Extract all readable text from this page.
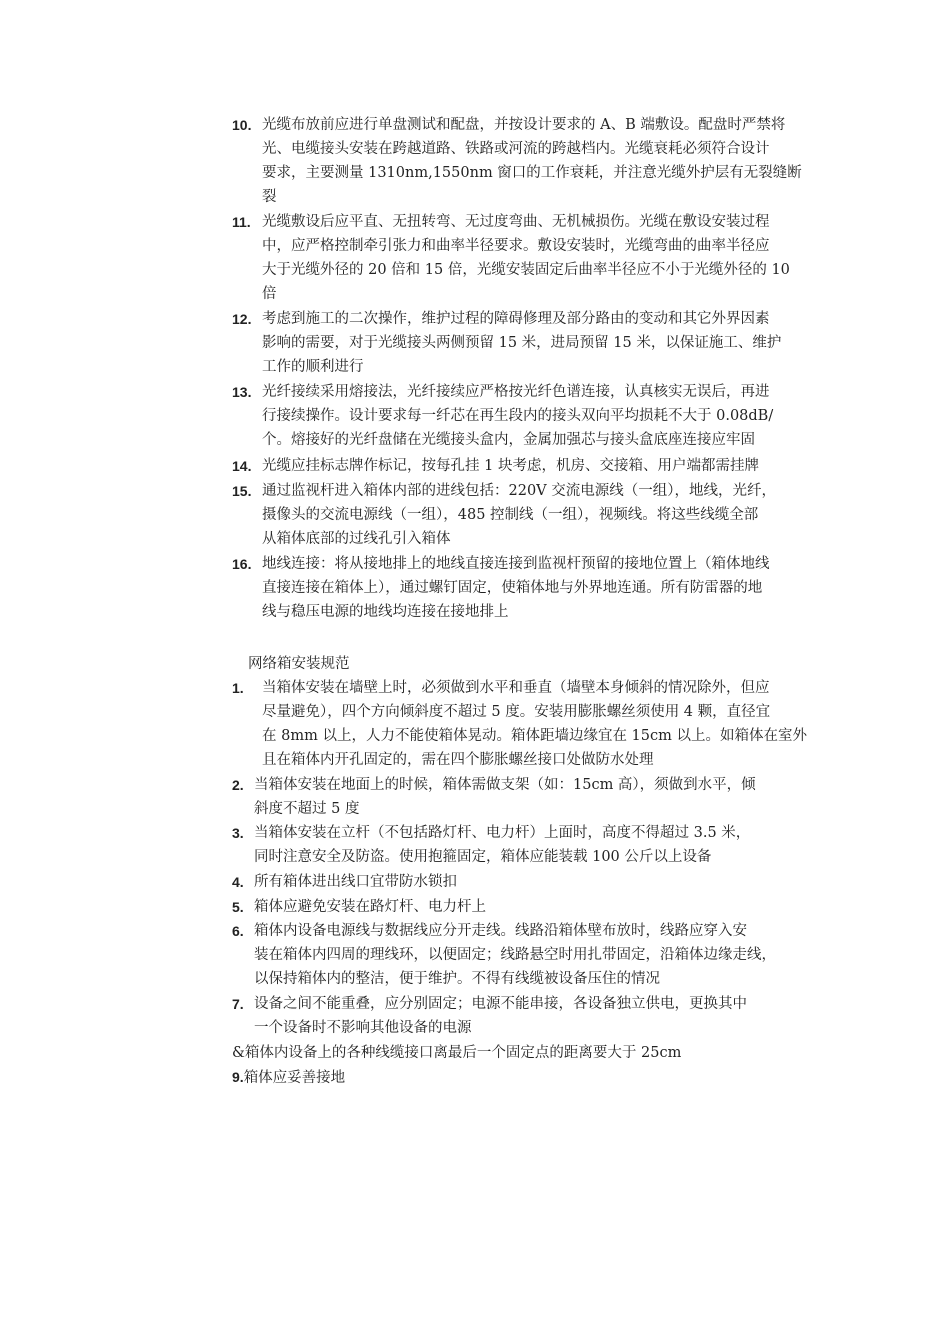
10. 光缆布放前应进行单盘测试和配盘，并按设计要求的 A、B 端敷设。配盘时严禁将
光、电缆接头安装在跨越道路、铁路或河流的跨越档内。光缆衰耗必须符合设计
要求，主要测量 1310nm,1550nm 窗口的工作衰耗，并注意光缆外护层有无裂缝断
裂
11. 光缆敷设后应平直、无扭转弯、无过度弯曲、无机械损伤。光缆在敷设安装过程
中，应严格控制牵引张力和曲率半径要求。敷设安装时，光缆弯曲的曲率半径应
大于光缆外径的 20 倍和 15 倍，光缆安装固定后曲率半径应不小于光缆外径的 10
倍
12. 考虑到施工的二次操作，维护过程的障碍修理及部分路由的变动和其它外界因素
影响的需要，对于光缆接头两侧预留 15 米，进局预留 15 米，以保证施工、维护
工作的顺利进行
13. 光纤接续采用熔接法，光纤接续应严格按光纤色谱连接，认真核实无误后，再进
行接续操作。设计要求每一纤芯在再生段内的接头双向平均损耗不大于 0.08dB/
个。熔接好的光纤盘储在光缆接头盒内，金属加强芯与接头盒底座连接应牢固
14. 光缆应挂标志牌作标记，按每孔挂 1 块考虑，机房、交接箱、用户端都需挂牌
15. 通过监视杆进入箱体内部的进线包括：220V 交流电源线（一组），地线，光纤，
摄像头的交流电源线（一组），485 控制线（一组），视频线。将这些线缆全部
从箱体底部的过线孔引入箱体
16. 地线连接：将从接地排上的地线直接连接到监视杆预留的接地位置上（箱体地线
直接连接在箱体上），通过螺钉固定，使箱体地与外界地连通。所有防雷器的地
线与稳压电源的地线均连接在接地排上
网络箱安装规范
1. 当箱体安装在墙壁上时，必须做到水平和垂直（墙壁本身倾斜的情况除外，但应
尽量避免），四个方向倾斜度不超过 5 度。安装用膨胀螺丝须使用 4 颗，直径宜
在 8mm 以上，人力不能使箱体晃动。箱体距墙边缘宜在 15cm 以上。如箱体在室外
且在箱体内开孔固定的，需在四个膨胀螺丝接口处做防水处理
2. 当箱体安装在地面上的时候，箱体需做支架（如：15cm 高），须做到水平，倾
斜度不超过 5 度
3. 当箱体安装在立杆（不包括路灯杆、电力杆）上面时，高度不得超过 3.5 米，
同时注意安全及防盗。使用抱箍固定，箱体应能装载 100 公斤以上设备
4. 所有箱体进出线口宜带防水锁扣
5. 箱体应避免安装在路灯杆、电力杆上
6. 箱体内设备电源线与数据线应分开走线。线路沿箱体壁布放时，线路应穿入安
装在箱体内四周的理线环，以便固定；线路悬空时用扎带固定，沿箱体边缘走线，
以保持箱体内的整洁，便于维护。不得有线缆被设备压住的情况
7. 设备之间不能重叠，应分别固定；电源不能串接，各设备独立供电，更换其中
一个设备时不影响其他设备的电源
&箱体内设备上的各种线缆接口离最后一个固定点的距离要大于 25cm
9.箱体应妥善接地
